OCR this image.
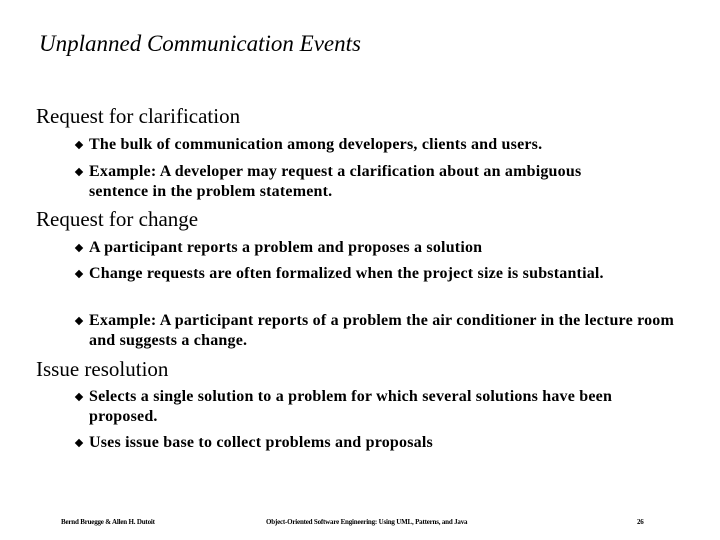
Unplanned Communication Events
Request for clarification
The bulk of communication among developers, clients and users.
Example: A developer may request a clarification about an ambiguous sentence in the problem statement.
Request for change
A participant reports a problem and proposes a solution
Change requests are often formalized when the project size is substantial.
Example: A participant reports of a problem the air conditioner in the lecture room and suggests a change.
Issue resolution
Selects a single solution to a problem for which several solutions have been proposed.
Uses issue base to collect problems and proposals
Bernd Bruegge & Allen H. Dutoit	Object-Oriented Software Engineering: Using UML, Patterns, and Java	26
